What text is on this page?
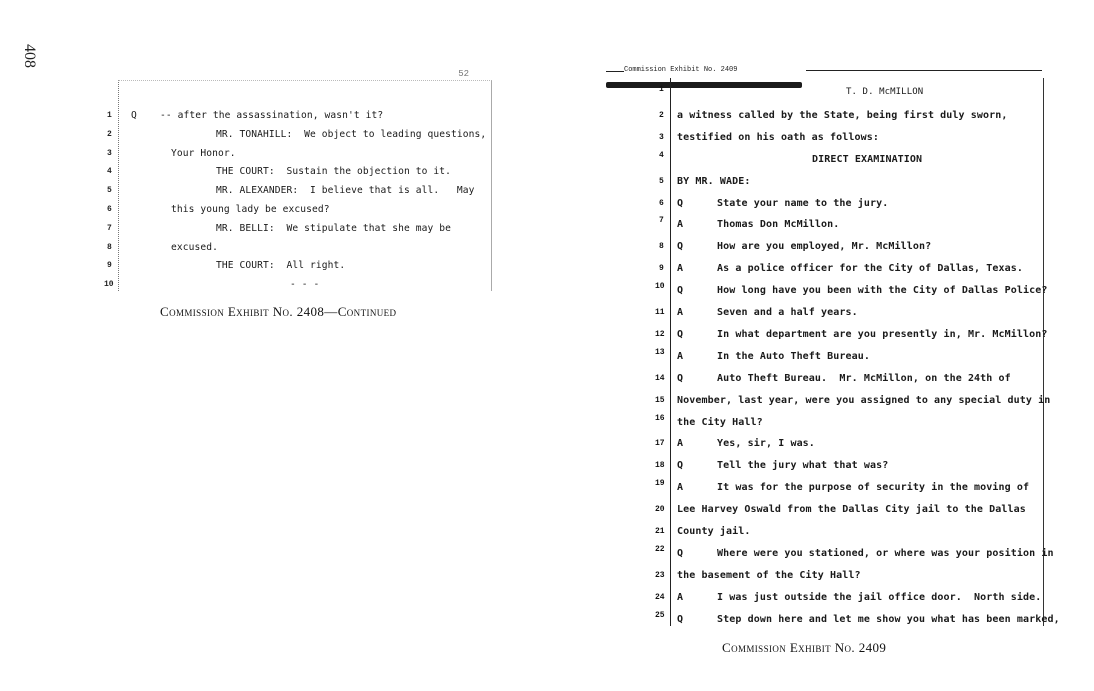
408
52
1 Q -- after the assassination, wasn't it?
2	MR. TONAHILL:  We object to leading questions,
3	Your Honor.
4	THE COURT:  Sustain the objection to it.
5	MR. ALEXANDER:  I believe that is all.   May
6	this young lady be excused?
7	MR. BELLI:  We stipulate that she may be
8	excused.
9	THE COURT:  All right.
10	- - -
Commission Exhibit No. 2408—Continued
Commission Exhibit No. 2409
T. D. McMILLON
1
2 a witness called by the State, being first duly sworn,
3 testified on his oath as follows:
4	DIRECT EXAMINATION
5 BY MR. WADE:
6 Q	State your name to the jury.
7 A	Thomas Don McMillon.
8 Q	How are you employed, Mr. McMillon?
9 A	As a police officer for the City of Dallas, Texas.
10 Q	How long have you been with the City of Dallas Police?
11 A	Seven and a half years.
12 Q	In what department are you presently in, Mr. McMillon?
13 A	In the Auto Theft Bureau.
14 Q	Auto Theft Bureau.  Mr. McMillon, on the 24th of
15 November, last year, were you assigned to any special duty in
16 the City Hall?
17 A	Yes, sir, I was.
18 Q	Tell the jury what that was?
19 A	It was for the purpose of security in the moving of
20 Lee Harvey Oswald from the Dallas City jail to the Dallas
21 County jail.
22 Q	Where were you stationed, or where was your position in
23 the basement of the City Hall?
24 A	I was just outside the jail office door.  North side.
25 Q	Step down here and let me show you what has been marked,
Commission Exhibit No. 2409
